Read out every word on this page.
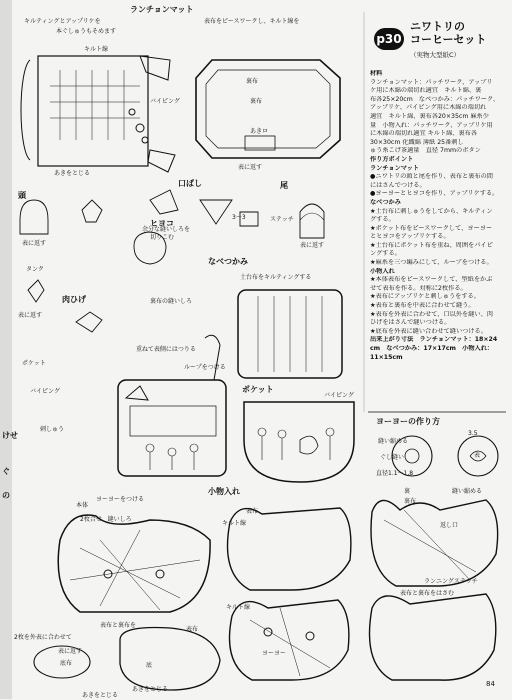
p30
ニワトリの
コーヒーセット
（実物大型紙C）
材料
ランチョンマット：パッチワーク、アップリ
ケ用に木綿の端切れ適宜　キルト綿、裏
布各25×20cm　なべつかみ：パッチワーク、
アップリケ、パイピング用に木綿の端切れ
適宜　キルト綿、裏布各20×35cm 麻糸少
量　小物入れ：パッチワーク、アップリケ用
に木綿の端切れ適宜 キルト綿、裏布各
30×30cm 化織綿 薄紙 25番刺し
ゅう糸こげ茶適量　直径 7mmのボタン
作り方ポイント
ランチョンマット
●ニワトリの頭と尾を作り、表布と裏布の間
にはさんでつける。
●ヨーヨーとヒヨコを作り、アップリケする。
なべつかみ
★土台布に刺しゅうをしてから、キルティン
グする。
★ポケット布をピースワークして、ヨーヨー
とヒヨコをアップリケする。
★土台布にポケット布を重ね、周囲をパイピ
ングする。
★麻糸を三つ編みにして、ループをつける。
小物入れ
★本体表布をピースワークして、型紙をかぶ
せて表布を作る。対称に2枚作る。
★表布にアップリケと刺しゅうをする。
★表布と裏布を中表に合わせて縫う。
★表布を外表に合わせて、口以外を縫い、肉
ひげをはさんで縫いつける。
★底布を外表に縫い合わせて縫いつける。
出来上がり寸法　ランチョンマット：18×24
cm　なべつかみ：17×17cm　小物入れ：
11×15cm
ランチョンマット
なべつかみ
小物入れ
ヨーヨーの作り方
ポケット
口ばし
頭
尾
ヒヨコ
肉ひげ
キルティングとアップリケを
本ぐしゅうもそめます
キルト線
バイピング
あきをとじる
表に返す
タンク
表に返す
表布をピースワークし、キルト線を
裏布
裏布
あきロ
表に返す
余分な縫いしろを
切りこむ
3〜3	ステッチ
表に返す
土台布をキルティングする
裏布の縫いしろ
重ねて表側にはつりる
ループをつける
ポケット
バイピング
刺しゅう
バイピング
本体
2枚合せ、縫いしろ
表布と裏布を
表に返す
キルト線
あきをとじる
表布
裏布
キルト線
2枚を外表に合わせて
あきをとじる
底
返し口
ヨーヨー
ヨーヨーをつける
表布と裏布をはさむ
ランニングステッチ
表布
底布
縫い縮める
ぐし縫い
縫い縮める
裏
表
直径1.1〜1.8
3.5
けせ
ぐ
の
84
